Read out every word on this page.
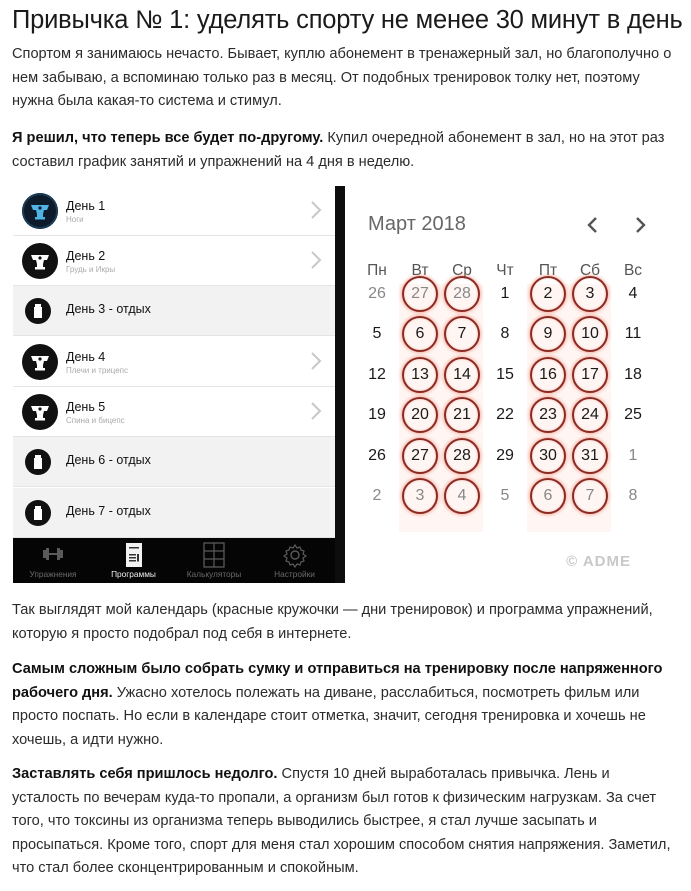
Привычка № 1: уделять спорту не менее 30 минут в день

Спортом я занимаюсь нечасто. Бывает, куплю абонемент в тренажерный зал, но благополучно о нем забываю, а вспоминаю только раз в месяц. От подобных тренировок толку нет, поэтому нужна была какая-то система и стимул.

Я решил, что теперь все будет по-другому. Купил очередной абонемент в зал, но на этот раз составил график занятий и упражнений на 4 дня в неделю.

День 1
Ноги
День 2
Грудь и Икры
День 3 - отдых
День 4
Плечи и трицепс
День 5
Спина и бицепс
День 6 - отдых
День 7 - отдых
Упражнения	Программы	Калькуляторы	Настройки
Март 2018
© ADME
Пн	Вт	Ср	Чт	Пт	Сб	Вс
26	27	28	1	2	3	4
5	6	7	8	9	10	11
12	13	14	15	16	17	18
19	20	21	22	23	24	25
26	27	28	29	30	31	1
2	3	4	5	6	7	8

Так выглядят мой календарь (красные кружочки — дни тренировок) и программа упражнений, которую я просто подобрал под себя в интернете.

Самым сложным было собрать сумку и отправиться на тренировку после напряженного рабочего дня. Ужасно хотелось полежать на диване, расслабиться, посмотреть фильм или просто поспать. Но если в календаре стоит отметка, значит, сегодня тренировка и хочешь не хочешь, а идти нужно.

Заставлять себя пришлось недолго. Спустя 10 дней выработалась привычка. Лень и усталость по вечерам куда-то пропали, а организм был готов к физическим нагрузкам. За счет того, что токсины из организма теперь выводились быстрее, я стал лучше засыпать и просыпаться. Кроме того, спорт для меня стал хорошим способом снятия напряжения. Заметил, что стал более сконцентрированным и спокойным.
